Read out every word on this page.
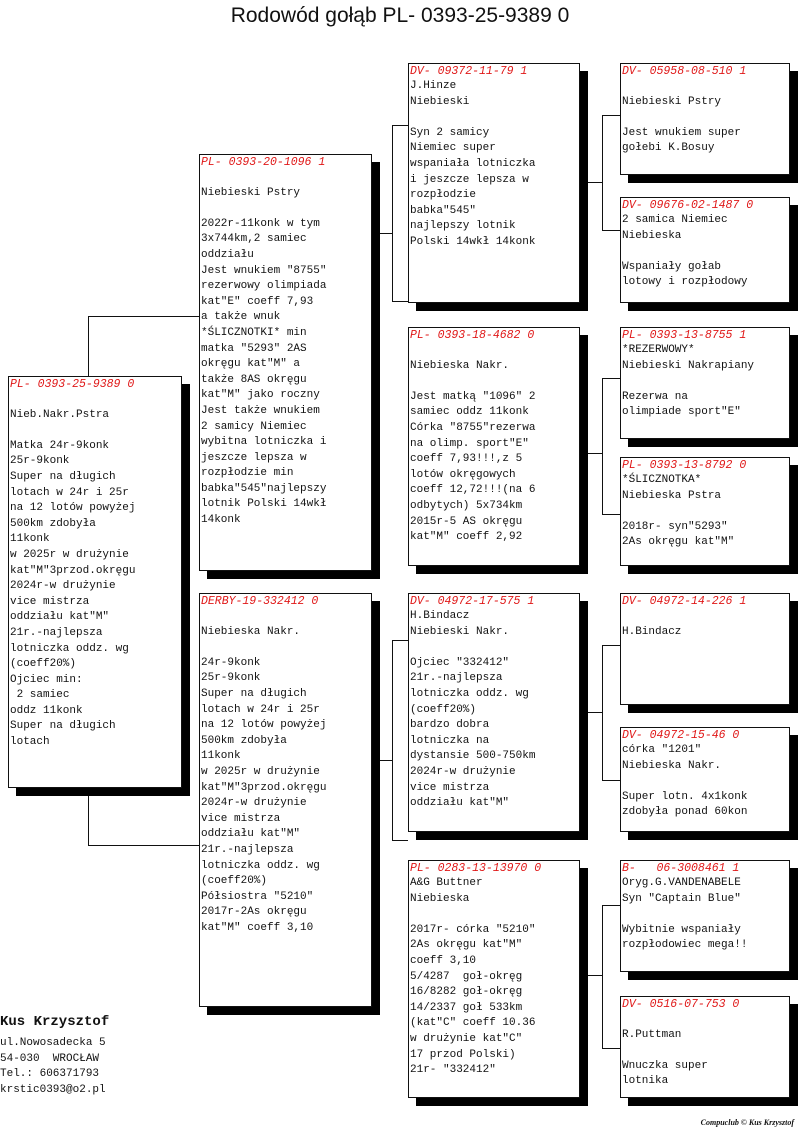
Rodowód gołąb PL- 0393-25-9389 0
PL- 0393-25-9389 0

Nieb.Nakr.Pstra

Matka 24r-9konk
25r-9konk
Super na długich
lotach w 24r i 25r
na 12 lotów powyżej
500km zdobyła
11konk
w 2025r w drużynie
kat"M"3przod.okręgu
2024r-w drużynie
vice mistrza
oddziału kat"M"
21r.-najlepsza
lotniczka oddz. wg
(coeff20%)
Ojciec min:
2 samiec
oddz 11konk
Super na długich
lotach
PL- 0393-20-1096 1

Niebieski Pstry

2022r-11konk w tym
3x744km,2 samiec
oddziału
Jest wnukiem "8755"
rezerwowy olimpiada
kat"E" coeff 7,93
a także wnuk
*ŚLICZNOTKI* min
matka "5293" 2AS
okręgu kat"M" a
także 8AS okręgu
kat"M" jako roczny
Jest także wnukiem
2 samicy Niemiec
wybitna lotniczka i
jeszcze lepsza w
rozpłodzie min
babka"545"najlepszy
lotnik Polski 14wkł
14konk
DERBY-19-332412 0

Niebieska Nakr.

24r-9konk
25r-9konk
Super na długich
lotach w 24r i 25r
na 12 lotów powyżej
500km zdobyła
11konk
w 2025r w drużynie
kat"M"3przod.okręgu
2024r-w drużynie
vice mistrza
oddziału kat"M"
21r.-najlepsza
lotniczka oddz. wg
(coeff20%)
Półsiostra "5210"
2017r-2As okręgu
kat"M" coeff 3,10
DV- 09372-11-79 1
J.Hinze
Niebieski

Syn 2 samicy
Niemiec super
wspaniała lotniczka
i jeszcze lepsza w
rozpłodzie
babka"545"
najlepszy lotnik
Polski 14wkł 14konk
PL- 0393-18-4682 0

Niebieska Nakr.

Jest matką "1096" 2
samiec oddz 11konk
Córka "8755"rezerwa
na olimp. sport"E"
coeff 7,93!!!,z 5
lotów okręgowych
coeff 12,72!!!(na 6
odbytych) 5x734km
2015r-5 AS okręgu
kat"M" coeff 2,92
DV- 04972-17-575 1
H.Bindacz
Niebieski Nakr.

Ojciec "332412"
21r.-najlepsza
lotniczka oddz. wg
(coeff20%)
bardzo dobra
lotniczka na
dystansie 500-750km
2024r-w drużynie
vice mistrza
oddziału kat"M"
PL- 0283-13-13970 0
A&G Buttner
Niebieska

2017r- córka "5210"
2As okręgu kat"M"
coeff 3,10
5/4287  goł-okręg
16/8282 goł-okręg
14/2337 goł 533km
(kat"C" coeff 10.36
w drużynie kat"C"
17 przod Polski)
21r- "332412"
DV- 05958-08-510 1

Niebieski Pstry

Jest wnukiem super
gołebi K.Bosuy
DV- 09676-02-1487 0
2 samica Niemiec
Niebieska

Wspaniały gołab
lotowy i rozpłodowy
PL- 0393-13-8755 1
*REZERWOWY*
Niebieski Nakrapiany

Rezerwa na
olimpiade sport"E"
PL- 0393-13-8792 0
*ŚLICZNOTKA*
Niebieska Pstra

2018r- syn"5293"
2As okręgu kat"M"
DV- 04972-14-226 1

H.Bindacz
DV- 04972-15-46 0
córka "1201"
Niebieska Nakr.

Super lotn. 4x1konk
zdobyła ponad 60kon
B-   06-3008461 1
Oryg.G.VANDENABELE
Syn "Captain Blue"

Wybitnie wspaniały
rozpłodowiec mega!!
DV- 0516-07-753 0

R.Puttman

Wnuczka super
lotnika
Kus Krzysztof
ul.Nowosadecka 5
54-030  WROCŁAW
Tel.: 606371793
krstic0393@o2.pl
Compuclub © Kus Krzysztof
